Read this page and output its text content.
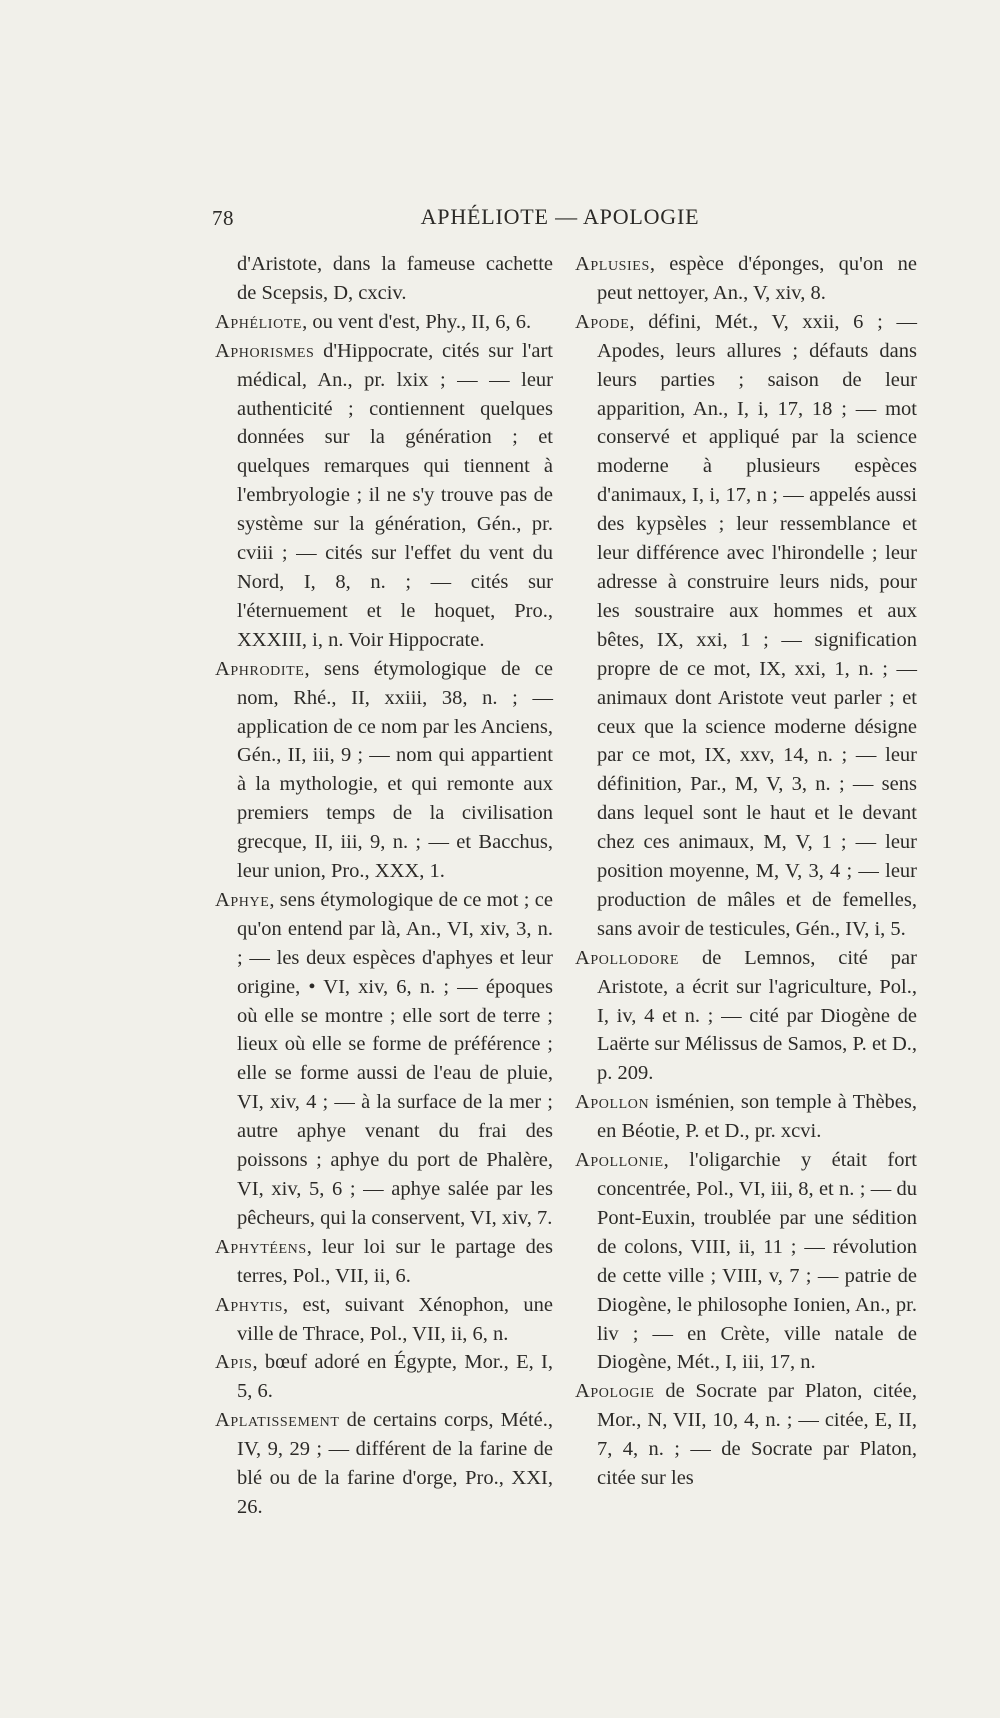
78	APHÉLIOTE — APOLOGIE

d'Aristote, dans la fameuse cachette de Scepsis, D, cxciv.

Aphéliote, ou vent d'est, Phy., II, 6, 6.

Aphorismes d'Hippocrate, cités sur l'art médical, An., pr. lxix ; — — leur authenticité ; contiennent quelques données sur la génération ; et quelques remarques qui tiennent à l'embryologie ; il ne s'y trouve pas de système sur la génération, Gén., pr. cviii ; — cités sur l'effet du vent du Nord, I, 8, n. ; — cités sur l'éternuement et le hoquet, Pro., XXXIII, i, n. Voir Hippocrate.

Aphrodite, sens étymologique de ce nom, Rhé., II, xxiii, 38, n. ; — application de ce nom par les Anciens, Gén., II, iii, 9 ; — nom qui appartient à la mythologie, et qui remonte aux premiers temps de la civilisation grecque, II, iii, 9, n. ; — et Bacchus, leur union, Pro., XXX, 1.

Aphye, sens étymologique de ce mot ; ce qu'on entend par là, An., VI, xiv, 3, n. ; — les deux espèces d'aphyes et leur origine, • VI, xiv, 6, n. ; — époques où elle se montre ; elle sort de terre ; lieux où elle se forme de préférence ; elle se forme aussi de l'eau de pluie, VI, xiv, 4 ; — à la surface de la mer ; autre aphye venant du frai des poissons ; aphye du port de Phalère, VI, xiv, 5, 6 ; — aphye salée par les pêcheurs, qui la conservent, VI, xiv, 7.

Aphytéens, leur loi sur le partage des terres, Pol., VII, ii, 6.

Aphytis, est, suivant Xénophon, une ville de Thrace, Pol., VII, ii, 6, n.

Apis, bœuf adoré en Égypte, Mor., E, I, 5, 6.

Aplatissement de certains corps, Mété., IV, 9, 29 ; — différent de la farine de blé ou de la farine d'orge, Pro., XXI, 26.

Aplusies, espèce d'éponges, qu'on ne peut nettoyer, An., V, xiv, 8.

Apode, défini, Mét., V, xxii, 6 ; — Apodes, leurs allures ; défauts dans leurs parties ; saison de leur apparition, An., I, i, 17, 18 ; — mot conservé et appliqué par la science moderne à plusieurs espèces d'animaux, I, i, 17, n ; — appelés aussi des kypsèles ; leur ressemblance et leur différence avec l'hirondelle ; leur adresse à construire leurs nids, pour les soustraire aux hommes et aux bêtes, IX, xxi, 1 ; — signification propre de ce mot, IX, xxi, 1, n. ; — animaux dont Aristote veut parler ; et ceux que la science moderne désigne par ce mot, IX, xxv, 14, n. ; — leur définition, Par., M, V, 3, n. ; — sens dans lequel sont le haut et le devant chez ces animaux, M, V, 1 ; — leur position moyenne, M, V, 3, 4 ; — leur production de mâles et de femelles, sans avoir de testicules, Gén., IV, i, 5.

Apollodore de Lemnos, cité par Aristote, a écrit sur l'agriculture, Pol., I, iv, 4 et n. ; — cité par Diogène de Laërte sur Mélissus de Samos, P. et D., p. 209.

Apollon isménien, son temple à Thèbes, en Béotie, P. et D., pr. xcvi.

Apollonie, l'oligarchie y était fort concentrée, Pol., VI, iii, 8, et n. ; — du Pont-Euxin, troublée par une sédition de colons, VIII, ii, 11 ; — révolution de cette ville ; VIII, v, 7 ; — patrie de Diogène, le philosophe Ionien, An., pr. liv ; — en Crète, ville natale de Diogène, Mét., I, iii, 17, n.

Apologie de Socrate par Platon, citée, Mor., N, VII, 10, 4, n. ; — citée, E, II, 7, 4, n. ; — de Socrate par Platon, citée sur les
